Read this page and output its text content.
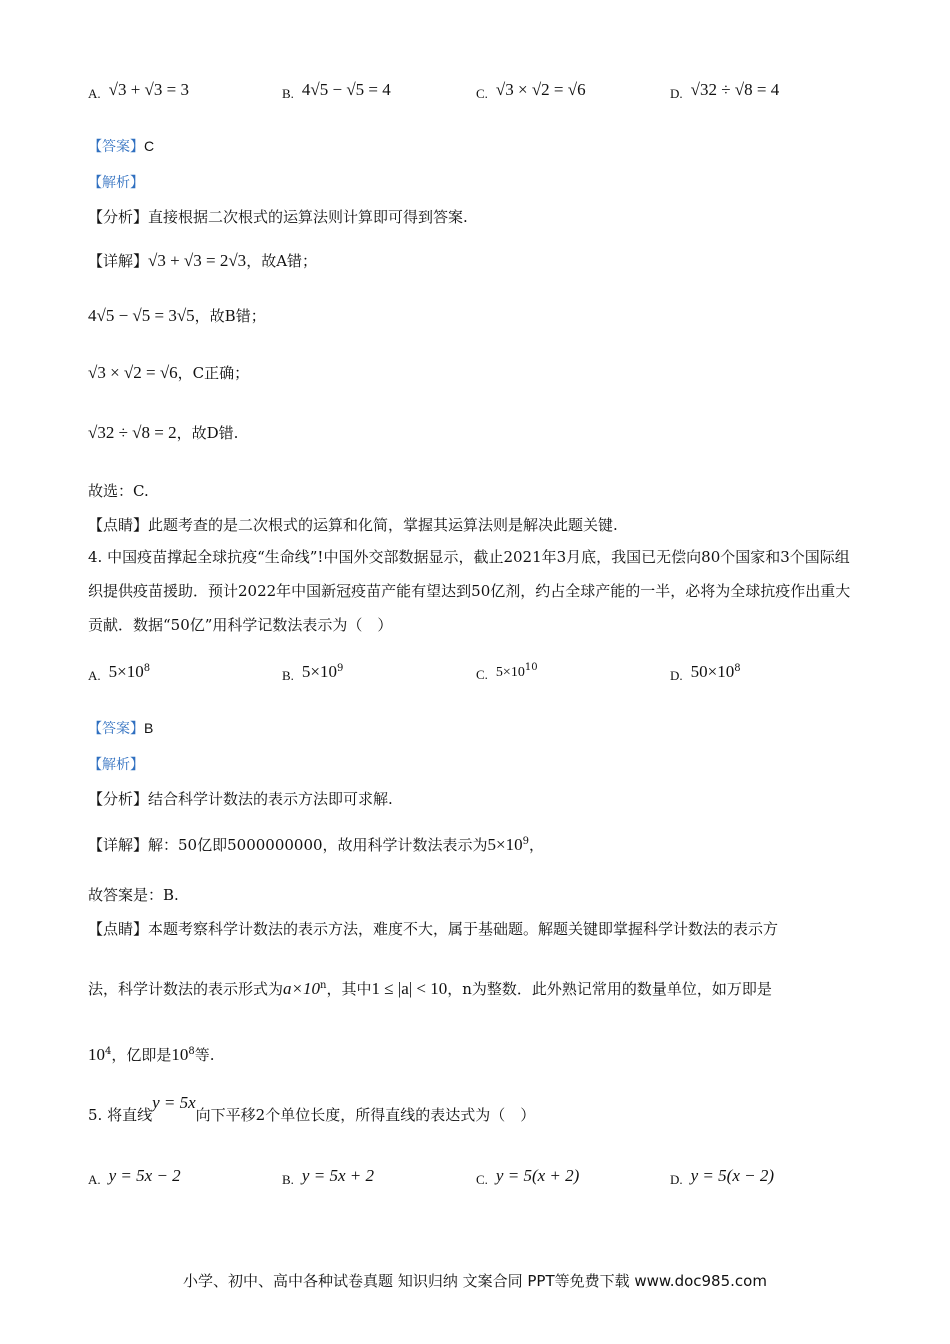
A. √3 + √3 = 3	B. 4√5 − √5 = 4	C. √3 × √2 = √6	D. √32 ÷ √8 = 4
【答案】C
【解析】
【分析】直接根据二次根式的运算法则计算即可得到答案.
【详解】√3 + √3 = 2√3，故A错；
4√5 − √5 = 3√5，故B错；
√3 × √2 = √6，C正确；
√32 ÷ √8 = 2，故D错.
故选：C.
【点睛】此题考查的是二次根式的运算和化简，掌握其运算法则是解决此题关键.
4. 中国疫苗撑起全球抗疫“生命线”!中国外交部数据显示，截止2021年3月底，我国已无偿向80个国家和3个国际组织提供疫苗援助．预计2022年中国新冠疫苗产能有望达到50亿剂，约占全球产能的一半，必将为全球抗疫作出重大贡献．数据“50亿”用科学记数法表示为（　）
A. $5\times 10^8$	B. $5\times 10^9$	C. $5\times 10^{10}$
D. $50\times 10^8$
【答案】B
【解析】
【分析】结合科学计数法的表示方法即可求解.
【详解】解：50亿即5000000000，故用科学计数法表示为$5\times 10^9$，
故答案是：B.
【点睛】本题考察科学计数法的表示方法，难度不大，属于基础题。解题关键即掌握科学计数法的表示方
法，科学计数法的表示形式为$a\times 10^n$，其中1 ≤ |a| < 10，n为整数．此外熟记常用的数量单位，如万即是
$10^4$，亿即是$10^8$等.
5. 将直线y = 5x向下平移2个单位长度，所得直线的表达式为（　）
A. y = 5x − 2	B. y = 5x + 2	C. y = 5(x + 2)	D. y = 5(x − 2)
小学、初中、高中各种试卷真题 知识归纳 文案合同 PPT等免费下载 www.doc985.com
